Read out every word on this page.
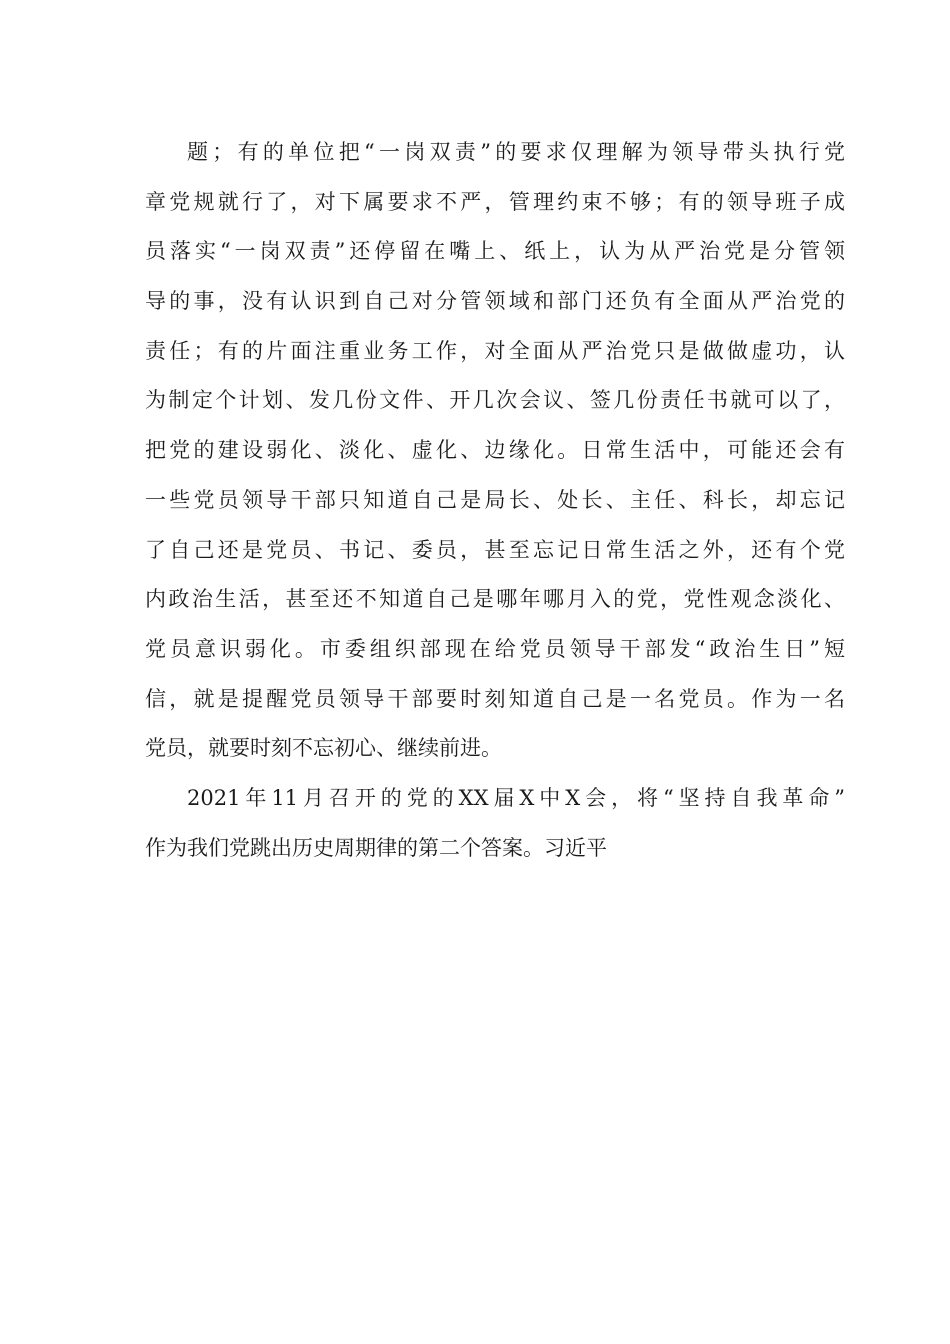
题；有的单位把“一岗双责”的要求仅理解为领导带头执行党
章党规就行了，对下属要求不严，管理约束不够；有的领导班子成
员落实“一岗双责”还停留在嘴上、纸上，认为从严治党是分管领
导的事，没有认识到自己对分管领域和部门还负有全面从严治党的
责任；有的片面注重业务工作，对全面从严治党只是做做虚功，认
为制定个计划、发几份文件、开几次会议、签几份责任书就可以了，
把党的建设弱化、淡化、虚化、边缘化。日常生活中，可能还会有
一些党员领导干部只知道自己是局长、处长、主任、科长，却忘记
了自己还是党员、书记、委员，甚至忘记日常生活之外，还有个党
内政治生活，甚至还不知道自己是哪年哪月入的党，党性观念淡化、
党员意识弱化。市委组织部现在给党员领导干部发“政治生日”短
信，就是提醒党员领导干部要时刻知道自己是一名党员。作为一名
党员，就要时刻不忘初心、继续前进。
2021年11月召开的党的XX届X中X会，将“坚持自我革命”
作为我们党跳出历史周期律的第二个答案。习近平
